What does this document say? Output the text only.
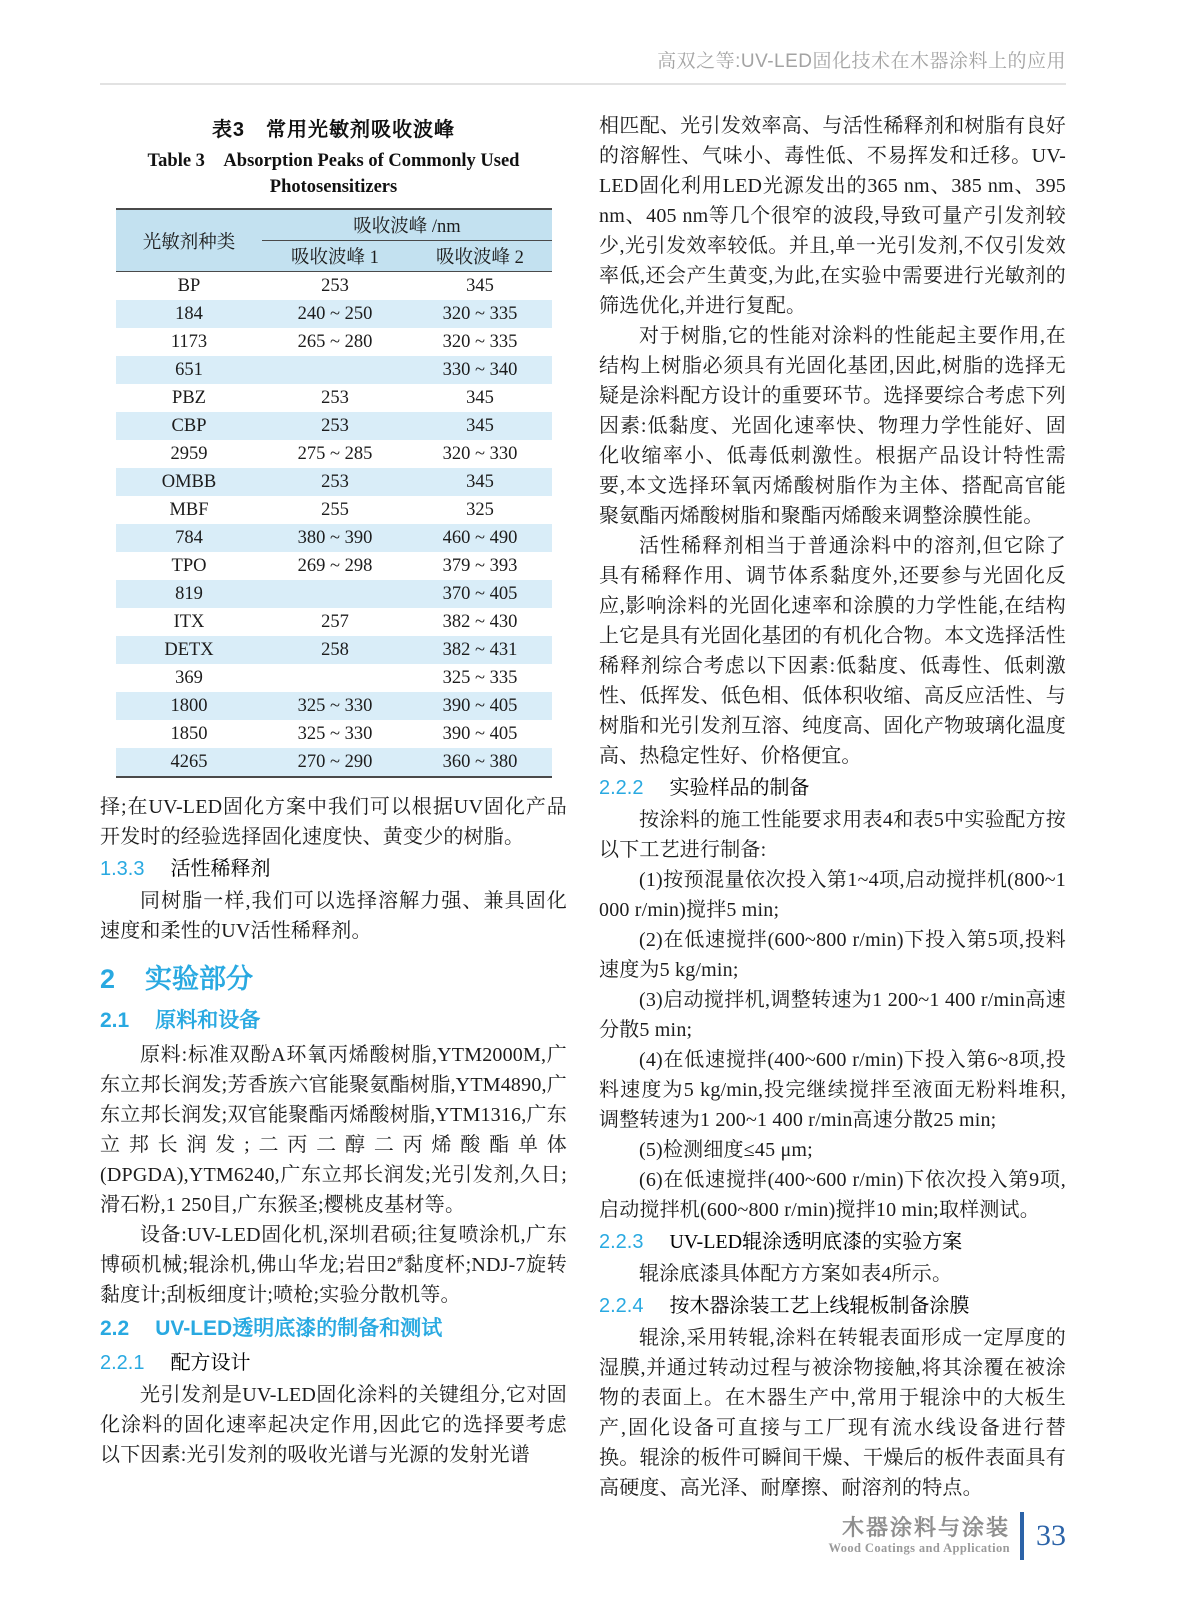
高双之等:UV-LED固化技术在木器涂料上的应用
表3　常用光敏剂吸收波峰
Table 3　Absorption Peaks of Commonly Used
Photosensitizers
光敏剂种类	吸收波峰 /nm	
	吸收波峰 1	吸收波峰 2
BP	253	345
184	240 ~ 250	320 ~ 335
1173	265 ~ 280	320 ~ 335
651		330 ~ 340
PBZ	253	345
CBP	253	345
2959	275 ~ 285	320 ~ 330
OMBB	253	345
MBF	255	325
784	380 ~ 390	460 ~ 490
TPO	269 ~ 298	379 ~ 393
819		370 ~ 405
ITX	257	382 ~ 430
DETX	258	382 ~ 431
369		325 ~ 335
1800	325 ~ 330	390 ~ 405
1850	325 ~ 330	390 ~ 405
4265	270 ~ 290	360 ~ 380

择;在UV-LED固化方案中我们可以根据UV固化产品开发时的经验选择固化速度快、黄变少的树脂。

1.3.3 活性稀释剂

同树脂一样,我们可以选择溶解力强、兼具固化速度和柔性的UV活性稀释剂。

2 实验部分
2.1 原料和设备

原料:标准双酚A环氧丙烯酸树脂,YTM2000M,广东立邦长润发;芳香族六官能聚氨酯树脂,YTM4890,广东立邦长润发;双官能聚酯丙烯酸树脂,YTM1316,广东立邦长润发;二丙二醇二丙烯酸酯单体(DPGDA),YTM6240,广东立邦长润发;光引发剂,久日;滑石粉,1 250目,广东猴圣;樱桃皮基材等。

设备:UV-LED固化机,深圳君硕;往复喷涂机,广东博硕机械;辊涂机,佛山华龙;岩田2#黏度杯;NDJ-7旋转黏度计;刮板细度计;喷枪;实验分散机等。

2.2 UV-LED透明底漆的制备和测试
2.2.1 配方设计

光引发剂是UV-LED固化涂料的关键组分,它对固化涂料的固化速率起决定作用,因此它的选择要考虑以下因素:光引发剂的吸收光谱与光源的发射光谱

相匹配、光引发效率高、与活性稀释剂和树脂有良好的溶解性、气味小、毒性低、不易挥发和迁移。UV-LED固化利用LED光源发出的365 nm、385 nm、395 nm、405 nm等几个很窄的波段,导致可量产引发剂较少,光引发效率较低。并且,单一光引发剂,不仅引发效率低,还会产生黄变,为此,在实验中需要进行光敏剂的筛选优化,并进行复配。

对于树脂,它的性能对涂料的性能起主要作用,在结构上树脂必须具有光固化基团,因此,树脂的选择无疑是涂料配方设计的重要环节。选择要综合考虑下列因素:低黏度、光固化速率快、物理力学性能好、固化收缩率小、低毒低刺激性。根据产品设计特性需要,本文选择环氧丙烯酸树脂作为主体、搭配高官能聚氨酯丙烯酸树脂和聚酯丙烯酸来调整涂膜性能。

活性稀释剂相当于普通涂料中的溶剂,但它除了具有稀释作用、调节体系黏度外,还要参与光固化反应,影响涂料的光固化速率和涂膜的力学性能,在结构上它是具有光固化基团的有机化合物。本文选择活性稀释剂综合考虑以下因素:低黏度、低毒性、低刺激性、低挥发、低色相、低体积收缩、高反应活性、与树脂和光引发剂互溶、纯度高、固化产物玻璃化温度高、热稳定性好、价格便宜。

2.2.2 实验样品的制备

按涂料的施工性能要求用表4和表5中实验配方按以下工艺进行制备:

(1)按预混量依次投入第1~4项,启动搅拌机(800~1 000 r/min)搅拌5 min;

(2)在低速搅拌(600~800 r/min)下投入第5项,投料速度为5 kg/min;

(3)启动搅拌机,调整转速为1 200~1 400 r/min高速分散5 min;

(4)在低速搅拌(400~600 r/min)下投入第6~8项,投料速度为5 kg/min,投完继续搅拌至液面无粉料堆积,调整转速为1 200~1 400 r/min高速分散25 min;

(5)检测细度≤45 μm;

(6)在低速搅拌(400~600 r/min)下依次投入第9项,启动搅拌机(600~800 r/min)搅拌10 min;取样测试。

2.2.3 UV-LED辊涂透明底漆的实验方案

辊涂底漆具体配方方案如表4所示。

2.2.4 按木器涂装工艺上线辊板制备涂膜

辊涂,采用转辊,涂料在转辊表面形成一定厚度的湿膜,并通过转动过程与被涂物接触,将其涂覆在被涂物的表面上。在木器生产中,常用于辊涂中的大板生产,固化设备可直接与工厂现有流水线设备进行替换。辊涂的板件可瞬间干燥、干燥后的板件表面具有高硬度、高光泽、耐摩擦、耐溶剂的特点。

木器涂料与涂装
Wood Coatings and Application 33
